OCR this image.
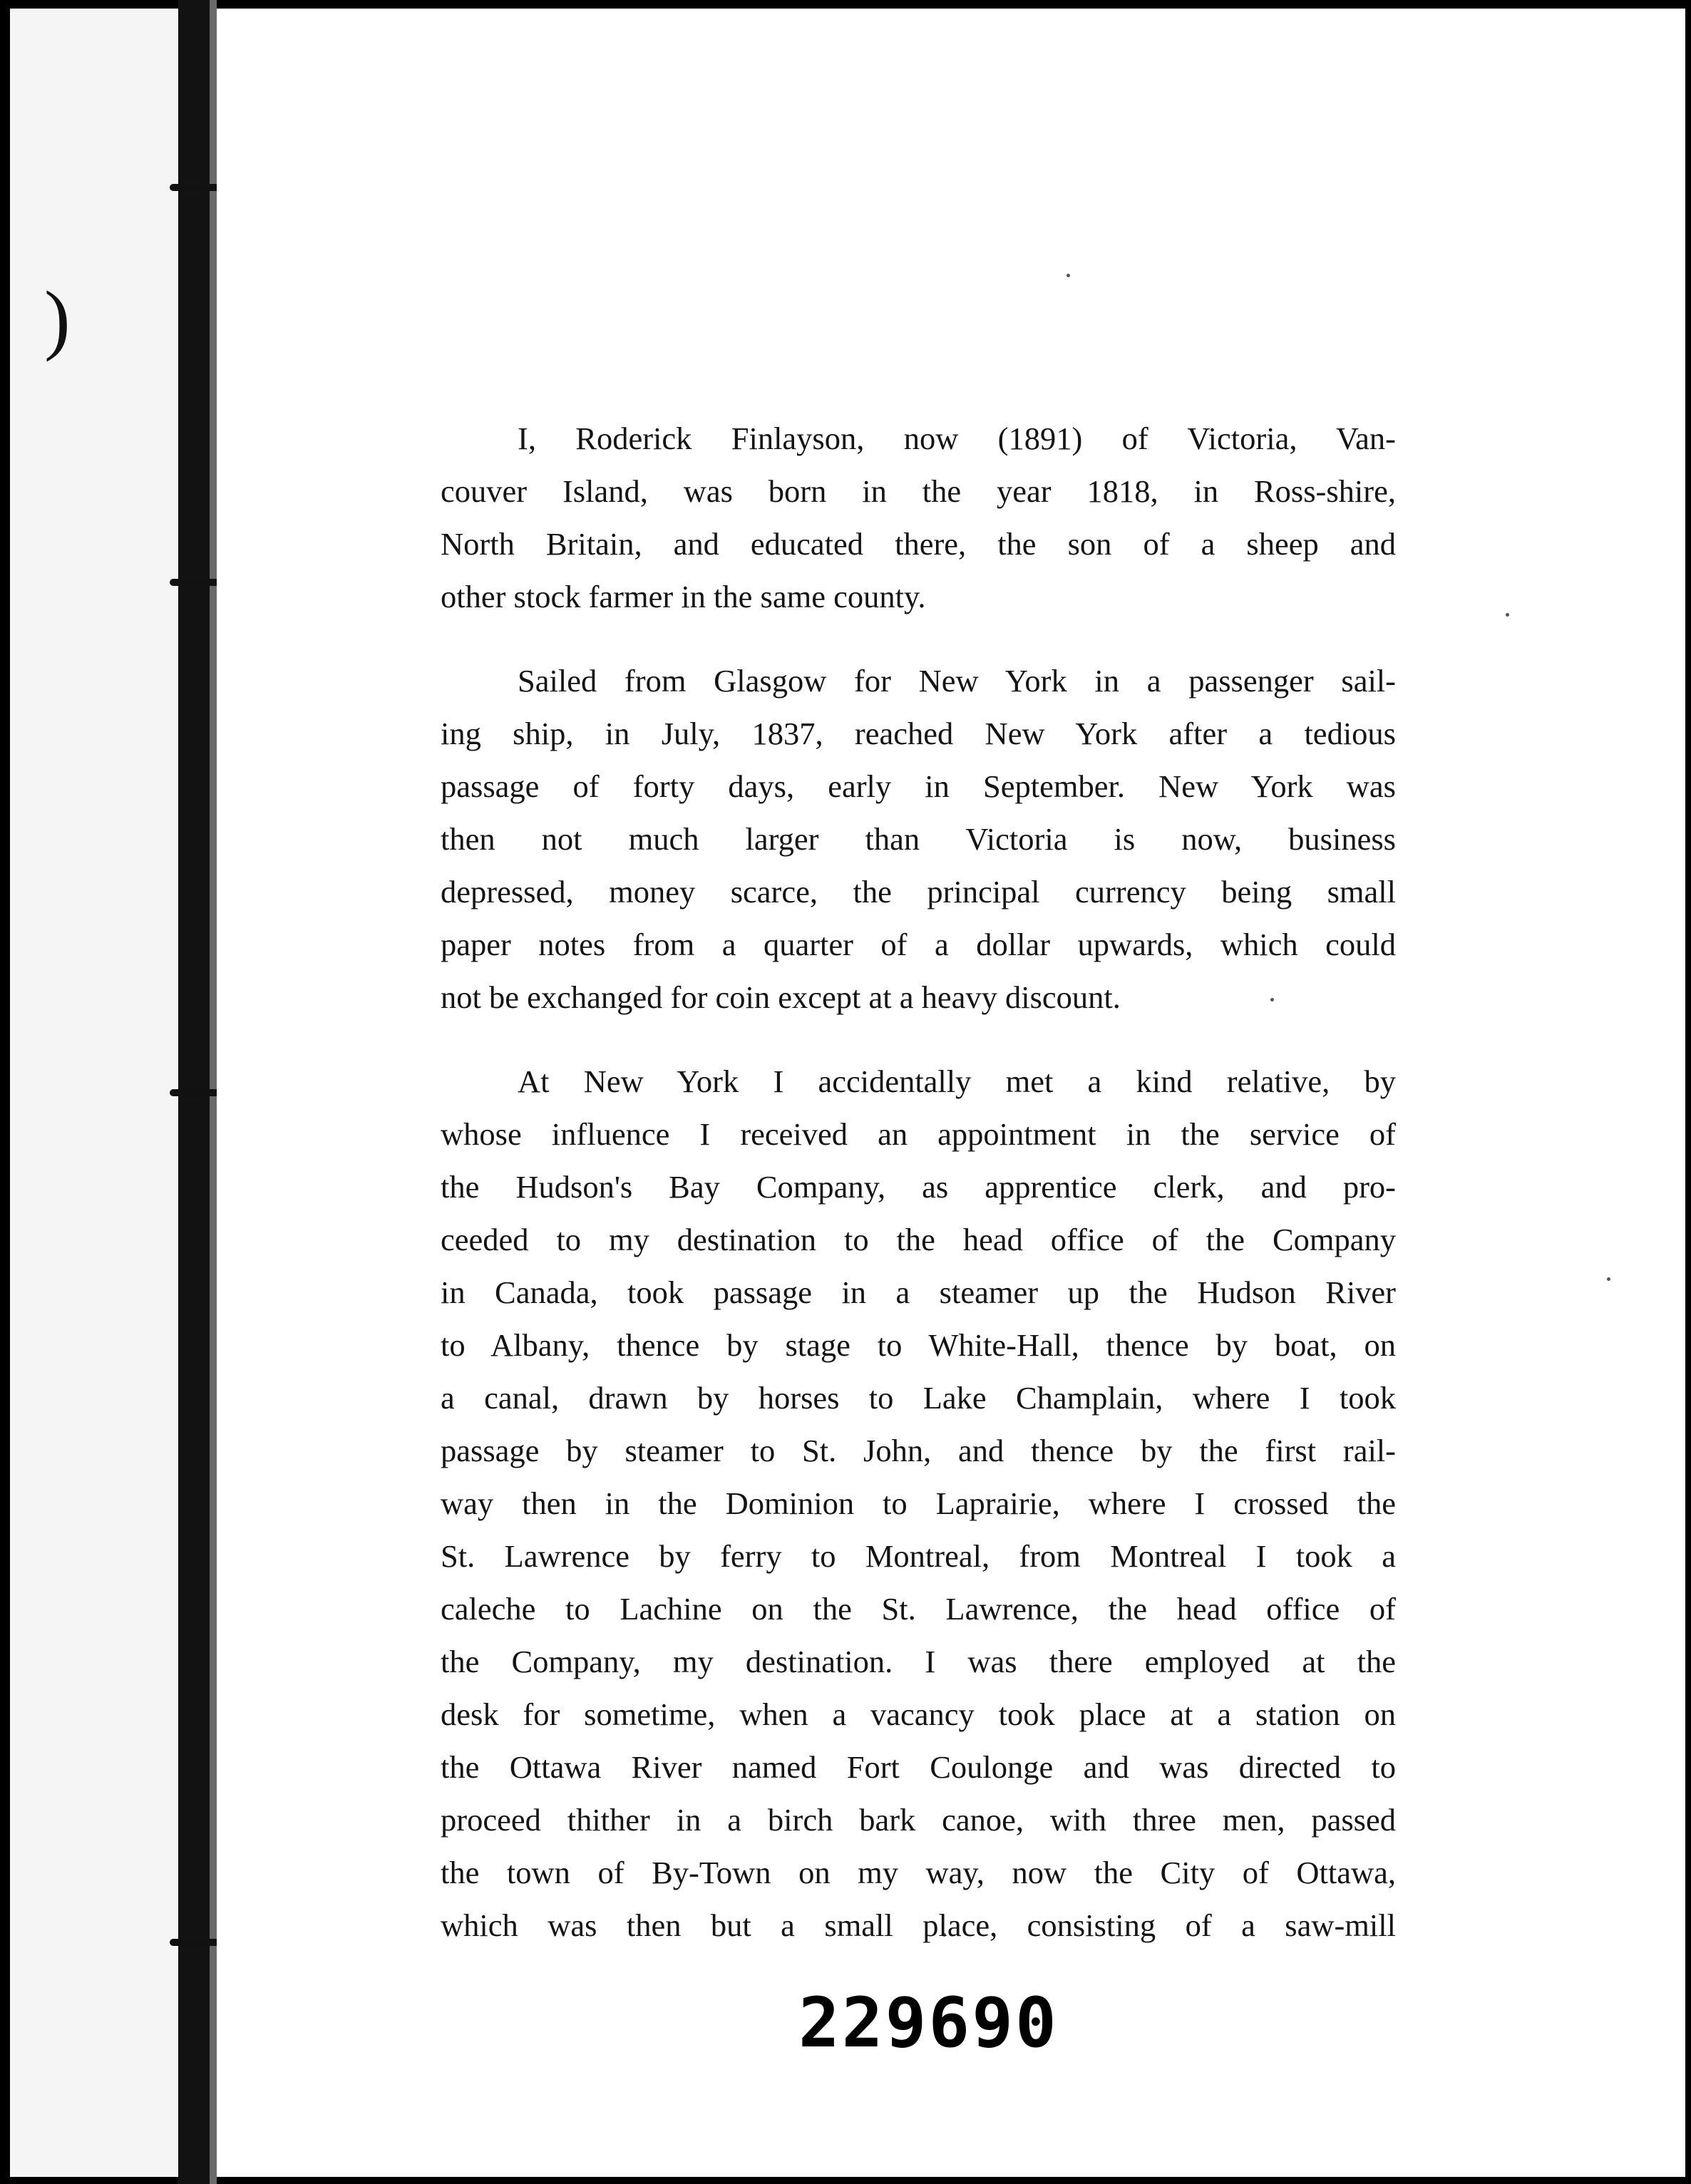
)
I, Roderick Finlayson, now (1891) of Victoria, Van-
couver Island, was born in the year 1818, in Ross-shire,
North Britain, and educated there, the son of a sheep and
other stock farmer in the same county.
Sailed from Glasgow for New York in a passenger sail-
ing ship, in July, 1837, reached New York after a tedious
passage of forty days, early in September. New York was
then not much larger than Victoria is now, business
depressed, money scarce, the principal currency being small
paper notes from a quarter of a dollar upwards, which could
not be exchanged for coin except at a heavy discount.
At New York I accidentally met a kind relative, by
whose influence I received an appointment in the service of
the Hudson's Bay Company, as apprentice clerk, and pro-
ceeded to my destination to the head office of the Company
in Canada, took passage in a steamer up the Hudson River
to Albany, thence by stage to White-Hall, thence by boat, on
a canal, drawn by horses to Lake Champlain, where I took
passage by steamer to St. John, and thence by the first rail-
way then in the Dominion to Laprairie, where I crossed the
St. Lawrence by ferry to Montreal, from Montreal I took a
caleche to Lachine on the St. Lawrence, the head office of
the Company, my destination. I was there employed at the
desk for sometime, when a vacancy took place at a station on
the Ottawa River named Fort Coulonge and was directed to
proceed thither in a birch bark canoe, with three men, passed
the town of By-Town on my way, now the City of Ottawa,
which was then but a small place, consisting of a saw-mill
229690
